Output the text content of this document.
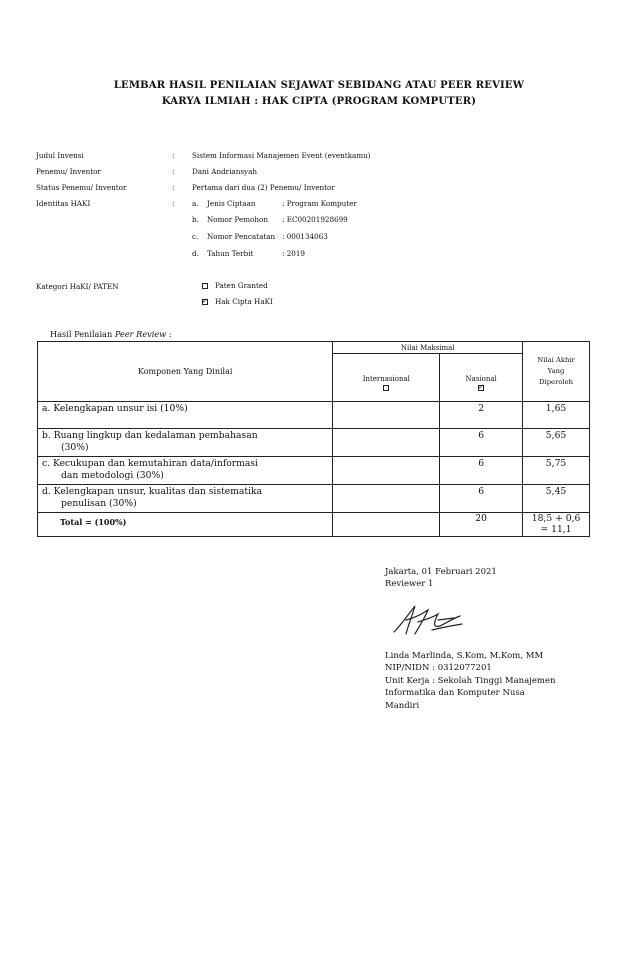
LEMBAR HASIL PENILAIAN SEJAWAT SEBIDANG ATAU PEER REVIEW
KARYA ILMIAH : HAK CIPTA (PROGRAM KOMPUTER)
Judul Invensi	: Sistem Informasi Manajemen Event (eventkamu)
Penemu/ Inventor	: Dani Andriansyah
Status Penemu/ Inventor	: Pertama dari dua (2) Penemu/ Inventor
Identitas HAKI	: a. Jenis Ciptaan	: Program Komputer
b. Nomor Pemohon : EC00201928699
c. Nomor Pencatatan : 000134063
d. Tahun Terbit	: 2019
Kategori HaKI/ PATEN	Paten Granted
✓Hak Cipta HaKI
Hasil Penilaian Peer Review :
Komponen Yang Dinilai	Nilai Maksimal		Nilai Akhir
Yang
Diperoleh

	Internasional	Nasional
✓

a. Kelengkapan unsur isi (10%)		2	1,65

b. Ruang lingkup dan kedalaman pembahasan
(30%)		6	5,65

c. Kecukupan dan kemutahiran data/informasi
dan metodologi (30%)		6	5,75

d. Kelengkapan unsur, kualitas dan sistematika
penulisan (30%)		6	5,45
Total = (100%)		20	18,5 + 0,6
= 11,1
Jakarta, 01 Februari 2021
Reviewer 1
Linda Marlinda, S.Kom, M.Kom, MM
NIP/NIDN : 0312077201
Unit Kerja : Sekolah Tinggi Manajemen
Informatika dan Komputer Nusa
Mandiri
